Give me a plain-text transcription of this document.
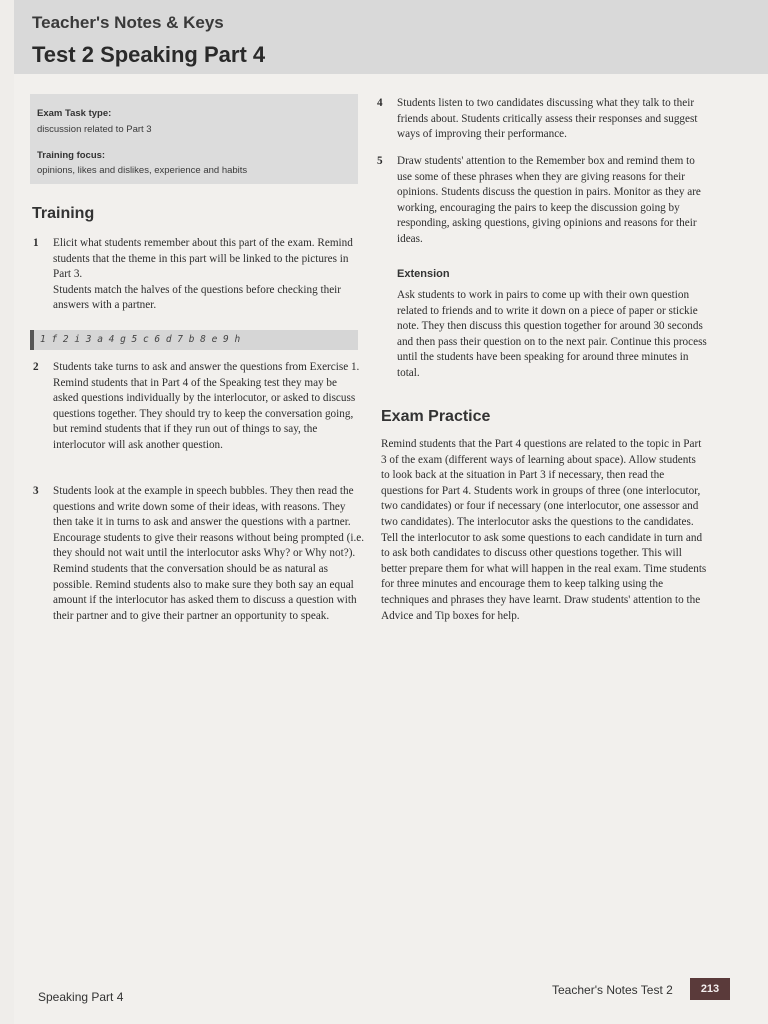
Teacher's Notes & Keys
Test 2 Speaking Part 4
Exam Task type:
discussion related to Part 3
Training focus:
opinions, likes and dislikes, experience and habits
Training
1 Elicit what students remember about this part of the exam. Remind students that the theme in this part will be linked to the pictures in Part 3.
Students match the halves of the questions before checking their answers with a partner.
1 f 2 i 3 a 4 g 5 c 6 d 7 b 8 e 9 h
2 Students take turns to ask and answer the questions from Exercise 1. Remind students that in Part 4 of the Speaking test they may be asked questions individually by the interlocutor, or asked to discuss questions together. They should try to keep the conversation going, but remind students that if they run out of things to say, the interlocutor will ask another question.
3 Students look at the example in speech bubbles. They then read the questions and write down some of their ideas, with reasons. They then take it in turns to ask and answer the questions with a partner. Encourage students to give their reasons without being prompted (i.e. they should not wait until the interlocutor asks Why? or Why not?). Remind students that the conversation should be as natural as possible. Remind students also to make sure they both say an equal amount if the interlocutor has asked them to discuss a question with their partner and to give their partner an opportunity to speak.
4 Students listen to two candidates discussing what they talk to their friends about. Students critically assess their responses and suggest ways of improving their performance.
5 Draw students' attention to the Remember box and remind them to use some of these phrases when they are giving reasons for their opinions. Students discuss the question in pairs. Monitor as they are working, encouraging the pairs to keep the discussion going by responding, asking questions, giving opinions and reasons for their ideas.
Extension
Ask students to work in pairs to come up with their own question related to friends and to write it down on a piece of paper or stickie note. They then discuss this question together for around 30 seconds and then pass their question on to the next pair. Continue this process until the students have been speaking for around three minutes in total.
Exam Practice
Remind students that the Part 4 questions are related to the topic in Part 3 of the exam (different ways of learning about space). Allow students to look back at the situation in Part 3 if necessary, then read the questions for Part 4. Students work in groups of three (one interlocutor, two candidates) or four if necessary (one interlocutor, one assessor and two candidates). The interlocutor asks the questions to the candidates. Tell the interlocutor to ask some questions to each candidate in turn and to ask both candidates to discuss other questions together. This will better prepare them for what will happen in the real exam. Time students for three minutes and encourage them to keep talking using the techniques and phrases they have learnt. Draw students' attention to the Advice and Tip boxes for help.
Speaking Part 4	Teacher's Notes Test 2	213
